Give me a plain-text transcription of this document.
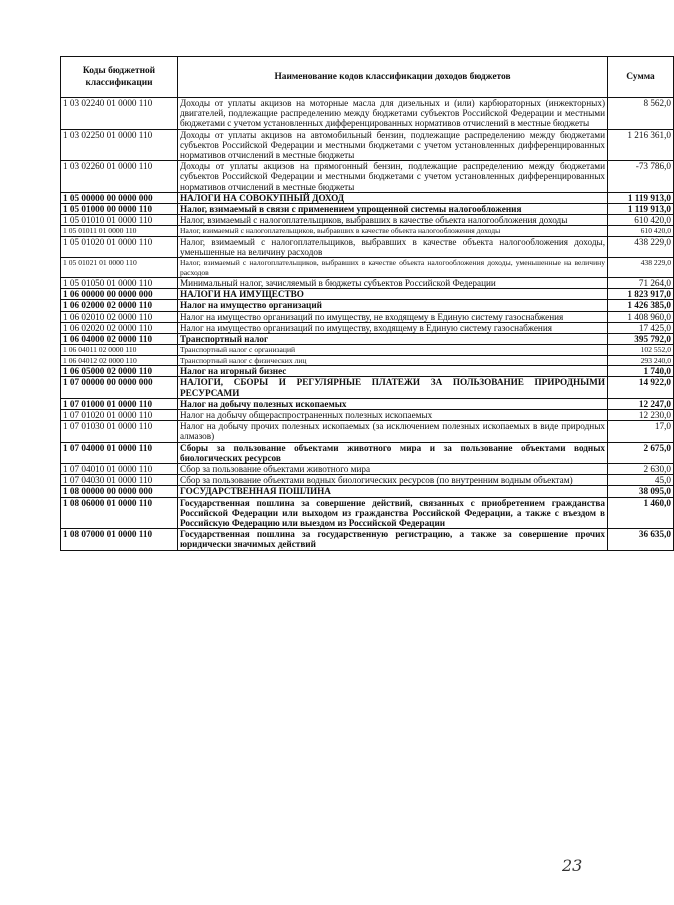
Коды бюджетной классификации	Наименование кодов классификации доходов бюджетов	Сумма
1 03 02240 01 0000 110	Доходы от уплаты акцизов на моторные масла для дизельных и (или) карбюраторных (инжекторных) двигателей, подлежащие распределению между бюджетами субъектов Российской Федерации и местными бюджетами с учетом установленных дифференцированных нормативов отчислений в местные бюджеты	8 562,0
1 03 02250 01 0000 110	Доходы от уплаты акцизов на автомобильный бензин, подлежащие распределению между бюджетами субъектов Российской Федерации и местными бюджетами с учетом установленных дифференцированных нормативов отчислений в местные бюджеты	1 216 361,0
1 03 02260 01 0000 110	Доходы от уплаты акцизов на прямогонный бензин, подлежащие распределению между бюджетами субъектов Российской Федерации и местными бюджетами с учетом установленных дифференцированных нормативов отчислений в местные бюджеты	-73 786,0
1 05 00000 00 0000 000	НАЛОГИ НА СОВОКУПНЫЙ ДОХОД	1 119 913,0
1 05 01000 00 0000 110	Налог, взимаемый в связи с применением упрощенной системы налогообложения	1 119 913,0
1 05 01010 01 0000 110	Налог, взимаемый с налогоплательщиков, выбравших в качестве объекта налогообложения доходы	610 420,0
1 05 01011 01 0000 110	Налог, взимаемый с налогоплательщиков, выбравших в качестве объекта налогообложения доходы	610 420,0
1 05 01020 01 0000 110	Налог, взимаемый с налогоплательщиков, выбравших в качестве объекта налогообложения доходы, уменьшенные на величину расходов	438 229,0
1 05 01021 01 0000 110	Налог, взимаемый с налогоплательщиков, выбравших в качестве объекта налогообложения доходы, уменьшенные на величину расходов	438 229,0
1 05 01050 01 0000 110	Минимальный налог, зачисляемый в бюджеты субъектов Российской Федерации	71 264,0
1 06 00000 00 0000 000	НАЛОГИ НА ИМУЩЕСТВО	1 823 917,0
1 06 02000 02 0000 110	Налог на имущество организаций	1 426 385,0
1 06 02010 02 0000 110	Налог на имущество организаций по имуществу, не входящему в Единую систему газоснабжения	1 408 960,0
1 06 02020 02 0000 110	Налог на имущество организаций по имуществу, входящему в Единую систему газоснабжения	17 425,0
1 06 04000 02 0000 110	Транспортный налог	395 792,0
1 06 04011 02 0000 110	Транспортный налог с организаций	102 552,0
1 06 04012 02 0000 110	Транспортный налог с физических лиц	293 240,0
1 06 05000 02 0000 110	Налог на игорный бизнес	1 740,0
1 07 00000 00 0000 000	НАЛОГИ, СБОРЫ И РЕГУЛЯРНЫЕ ПЛАТЕЖИ ЗА ПОЛЬЗОВАНИЕ ПРИРОДНЫМИ РЕСУРСАМИ	14 922,0
1 07 01000 01 0000 110	Налог на добычу полезных ископаемых	12 247,0
1 07 01020 01 0000 110	Налог на добычу общераспространенных полезных ископаемых	12 230,0
1 07 01030 01 0000 110	Налог на добычу прочих полезных ископаемых (за исключением полезных ископаемых в виде природных алмазов)	17,0
1 07 04000 01 0000 110	Сборы за пользование объектами животного мира и за пользование объектами водных биологических ресурсов	2 675,0
1 07 04010 01 0000 110	Сбор за пользование объектами животного мира	2 630,0
1 07 04030 01 0000 110	Сбор за пользование объектами водных биологических ресурсов (по внутренним водным объектам)	45,0
1 08 00000 00 0000 000	ГОСУДАРСТВЕННАЯ ПОШЛИНА	38 095,0
1 08 06000 01 0000 110	Государственная пошлина за совершение действий, связанных с приобретением гражданства Российской Федерации или выходом из гражданства Российской Федерации, а также с въездом в Российскую Федерацию или выездом из Российской Федерации	1 460,0
1 08 07000 01 0000 110	Государственная пошлина за государственную регистрацию, а также за совершение прочих юридически значимых действий	36 635,0
23
